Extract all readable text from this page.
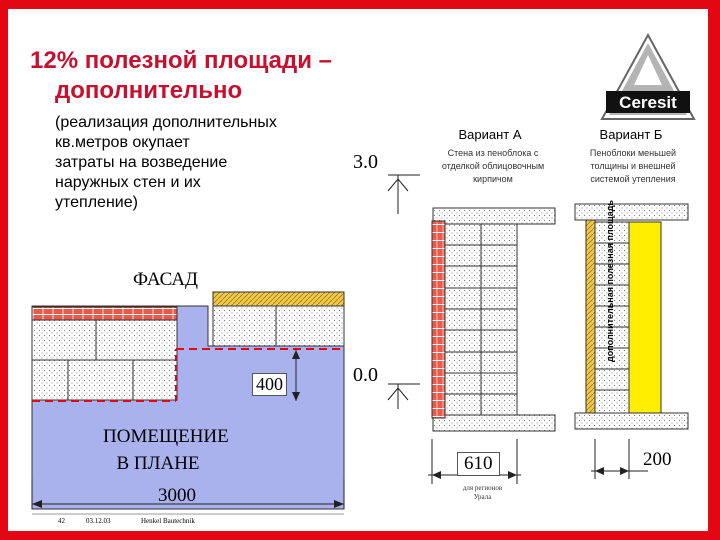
12% полезной площади –
дополнительно
(реализация дополнительных
кв.метров окупает
затраты на возведение
наружных стен и их
утепление)
Ceresit
дополнительная полезная площадь
ФАСАД
ПОМЕЩЕНИЕ
В ПЛАНЕ
3000
400
3.0
0.0
Вариант А	Вариант Б
Стена из пеноблока с отделкой облицовочным кирпичом
Пеноблоки меньшей толщины и внешней системой утепления
610	200
для регионов Урала
42	03.12.03	Henkel Bautechnik
